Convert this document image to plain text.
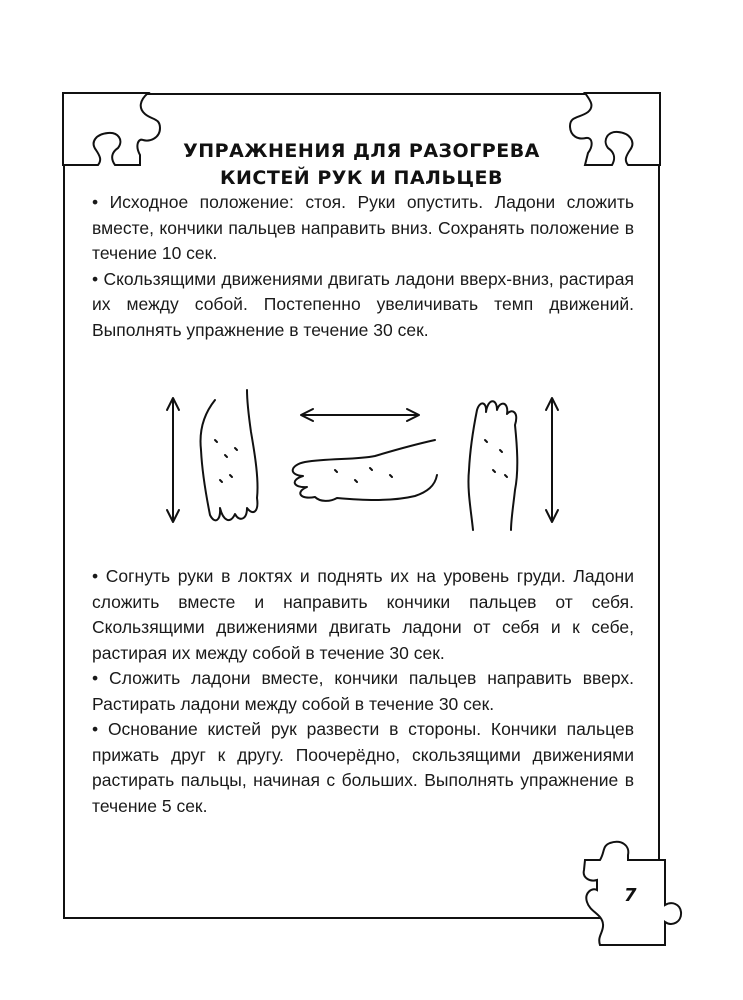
УПРАЖНЕНИЯ ДЛЯ РАЗОГРЕВА
КИСТЕЙ РУК И ПАЛЬЦЕВ

• Исходное положение: стоя. Руки опустить. Ладони сложить вместе, кончики пальцев направить вниз. Сохранять положение в течение 10 сек.

• Скользящими движениями двигать ладони вверх-вниз, растирая их между собой. Постепенно увеличивать темп движений. Выполнять упражнение в течение 30 сек.

• Согнуть руки в локтях и поднять их на уровень груди. Ладони сложить вместе и направить кончики пальцев от себя. Скользящими движениями двигать ладони от себя и к себе, растирая их между собой в течение 30 сек.

• Сложить ладони вместе, кончики пальцев направить вверх. Растирать ладони между собой в течение 30 сек.

• Основание кистей рук развести в стороны. Кончики пальцев прижать друг к другу. Поочерёдно, скользящими движениями растирать пальцы, начиная с больших. Выполнять упражнение в течение 5 сек.

7
